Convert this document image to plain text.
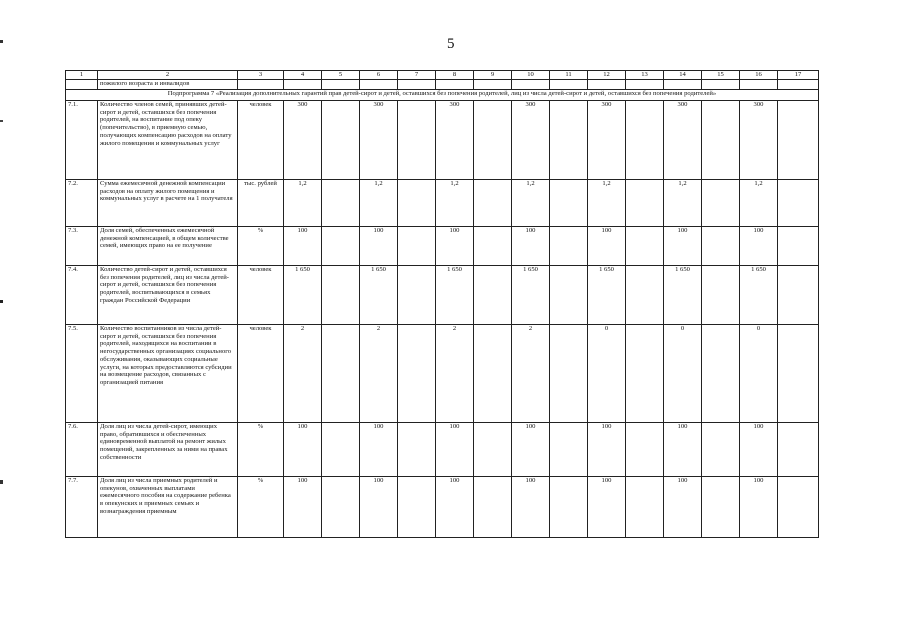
5
1	2	3	4	5	6	7	8	9	10	11	12	13	14	15	16	17
	пожилого возраста и инвалидов															
Подпрограмма 7 «Реализация дополнительных гарантий прав детей-сирот и детей, оставшихся без попечения родителей, лиц из числа детей-сирот и детей, оставшихся без попечения родителей»																
7.1.	Количество членов семей, принявших детей-сирот и детей, оставшихся без попечения родителей, на воспитание под опеку (попечительство), в приемную семью, получающих компенсацию расходов на оплату жилого помещения и коммунальных услуг	человек	300		300		300		300		300		300		300	
7.2.	Сумма ежемесячной денежной компенсации расходов на оплату жилого помещения и коммунальных услуг в расчете на 1 получателя	тыс. рублей	1,2		1,2		1,2		1,2		1,2		1,2		1,2	
7.3.	Доля семей, обеспеченных ежемесячной денежной компенсацией, в общем количестве семей, имеющих право на ее получение	%	100		100		100		100		100		100		100	
7.4.	Количество детей-сирот и детей, оставшихся без попечения родителей, лиц из числа детей-сирот и детей, оставшихся без попечения родителей, воспитывающихся в семьях граждан Российской Федерации	человек	1 650		1 650		1 650		1 650		1 650		1 650		1 650	
7.5.	Количество воспитанников из числа детей-сирот и детей, оставшихся без попечения родителей, находящихся на воспитании в негосударственных организациях социального обслуживания, оказывающих социальные услуги, на которых предоставляются субсидии на возмещение расходов, связанных с организацией питания	человек	2		2		2		2		0		0		0	
7.6.	Доля лиц из числа детей-сирот, имеющих право, обратившихся и обеспеченных единовременной выплатой на ремонт жилых помещений, закрепленных за ними на правах собственности	%	100		100		100		100		100		100		100	
7.7.	Доля лиц из числа приемных родителей и опекунов, охваченных выплатами ежемесячного пособия на содержание ребенка в опекунских и приемных семьях и вознаграждения приемным	%	100		100		100		100		100		100		100	
